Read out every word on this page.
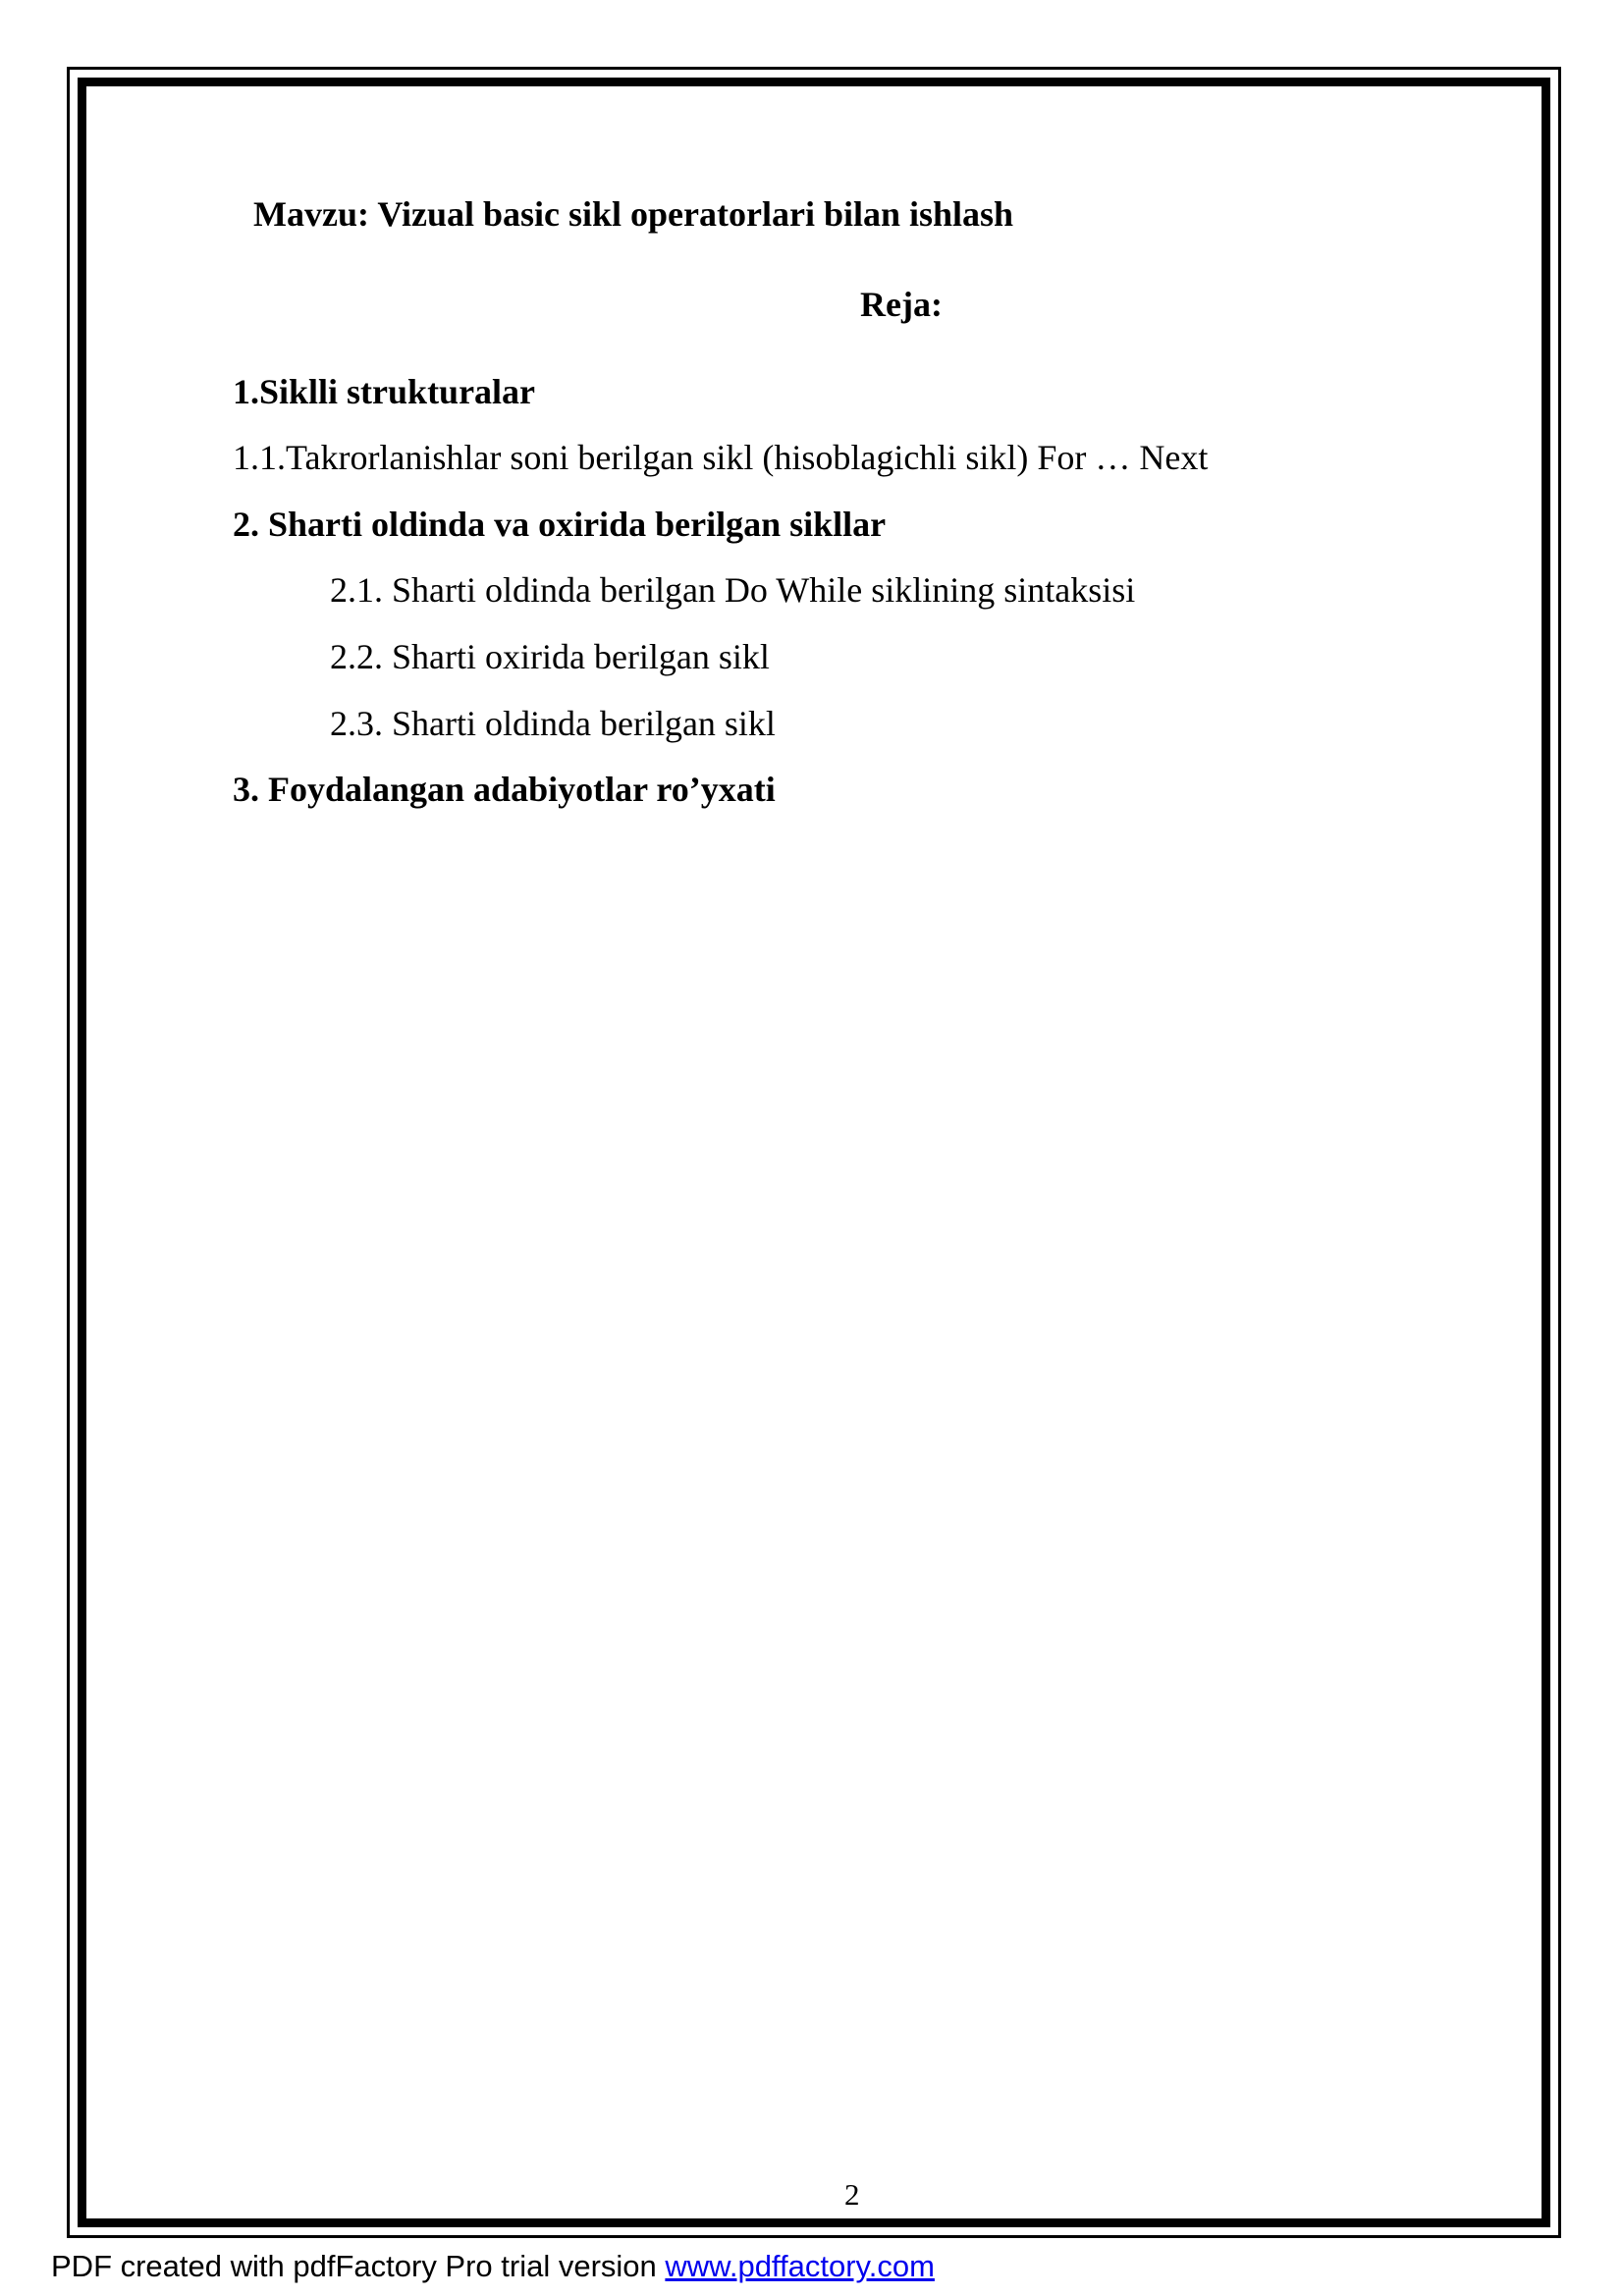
Mavzu: Vizual basic sikl operatorlari bilan ishlash
Reja:
1.Siklli strukturalar
1.1.Takrorlanishlar soni berilgan sikl (hisoblagichli sikl) For … Next
2. Sharti oldinda va oxirida berilgan sikllar
2.1. Sharti oldinda berilgan Do While siklining sintaksisi
2.2. Sharti oxirida berilgan sikl
2.3. Sharti oldinda berilgan sikl
3. Foydalangan adabiyotlar ro’yxati
2
PDF created with pdfFactory Pro trial version www.pdffactory.com
